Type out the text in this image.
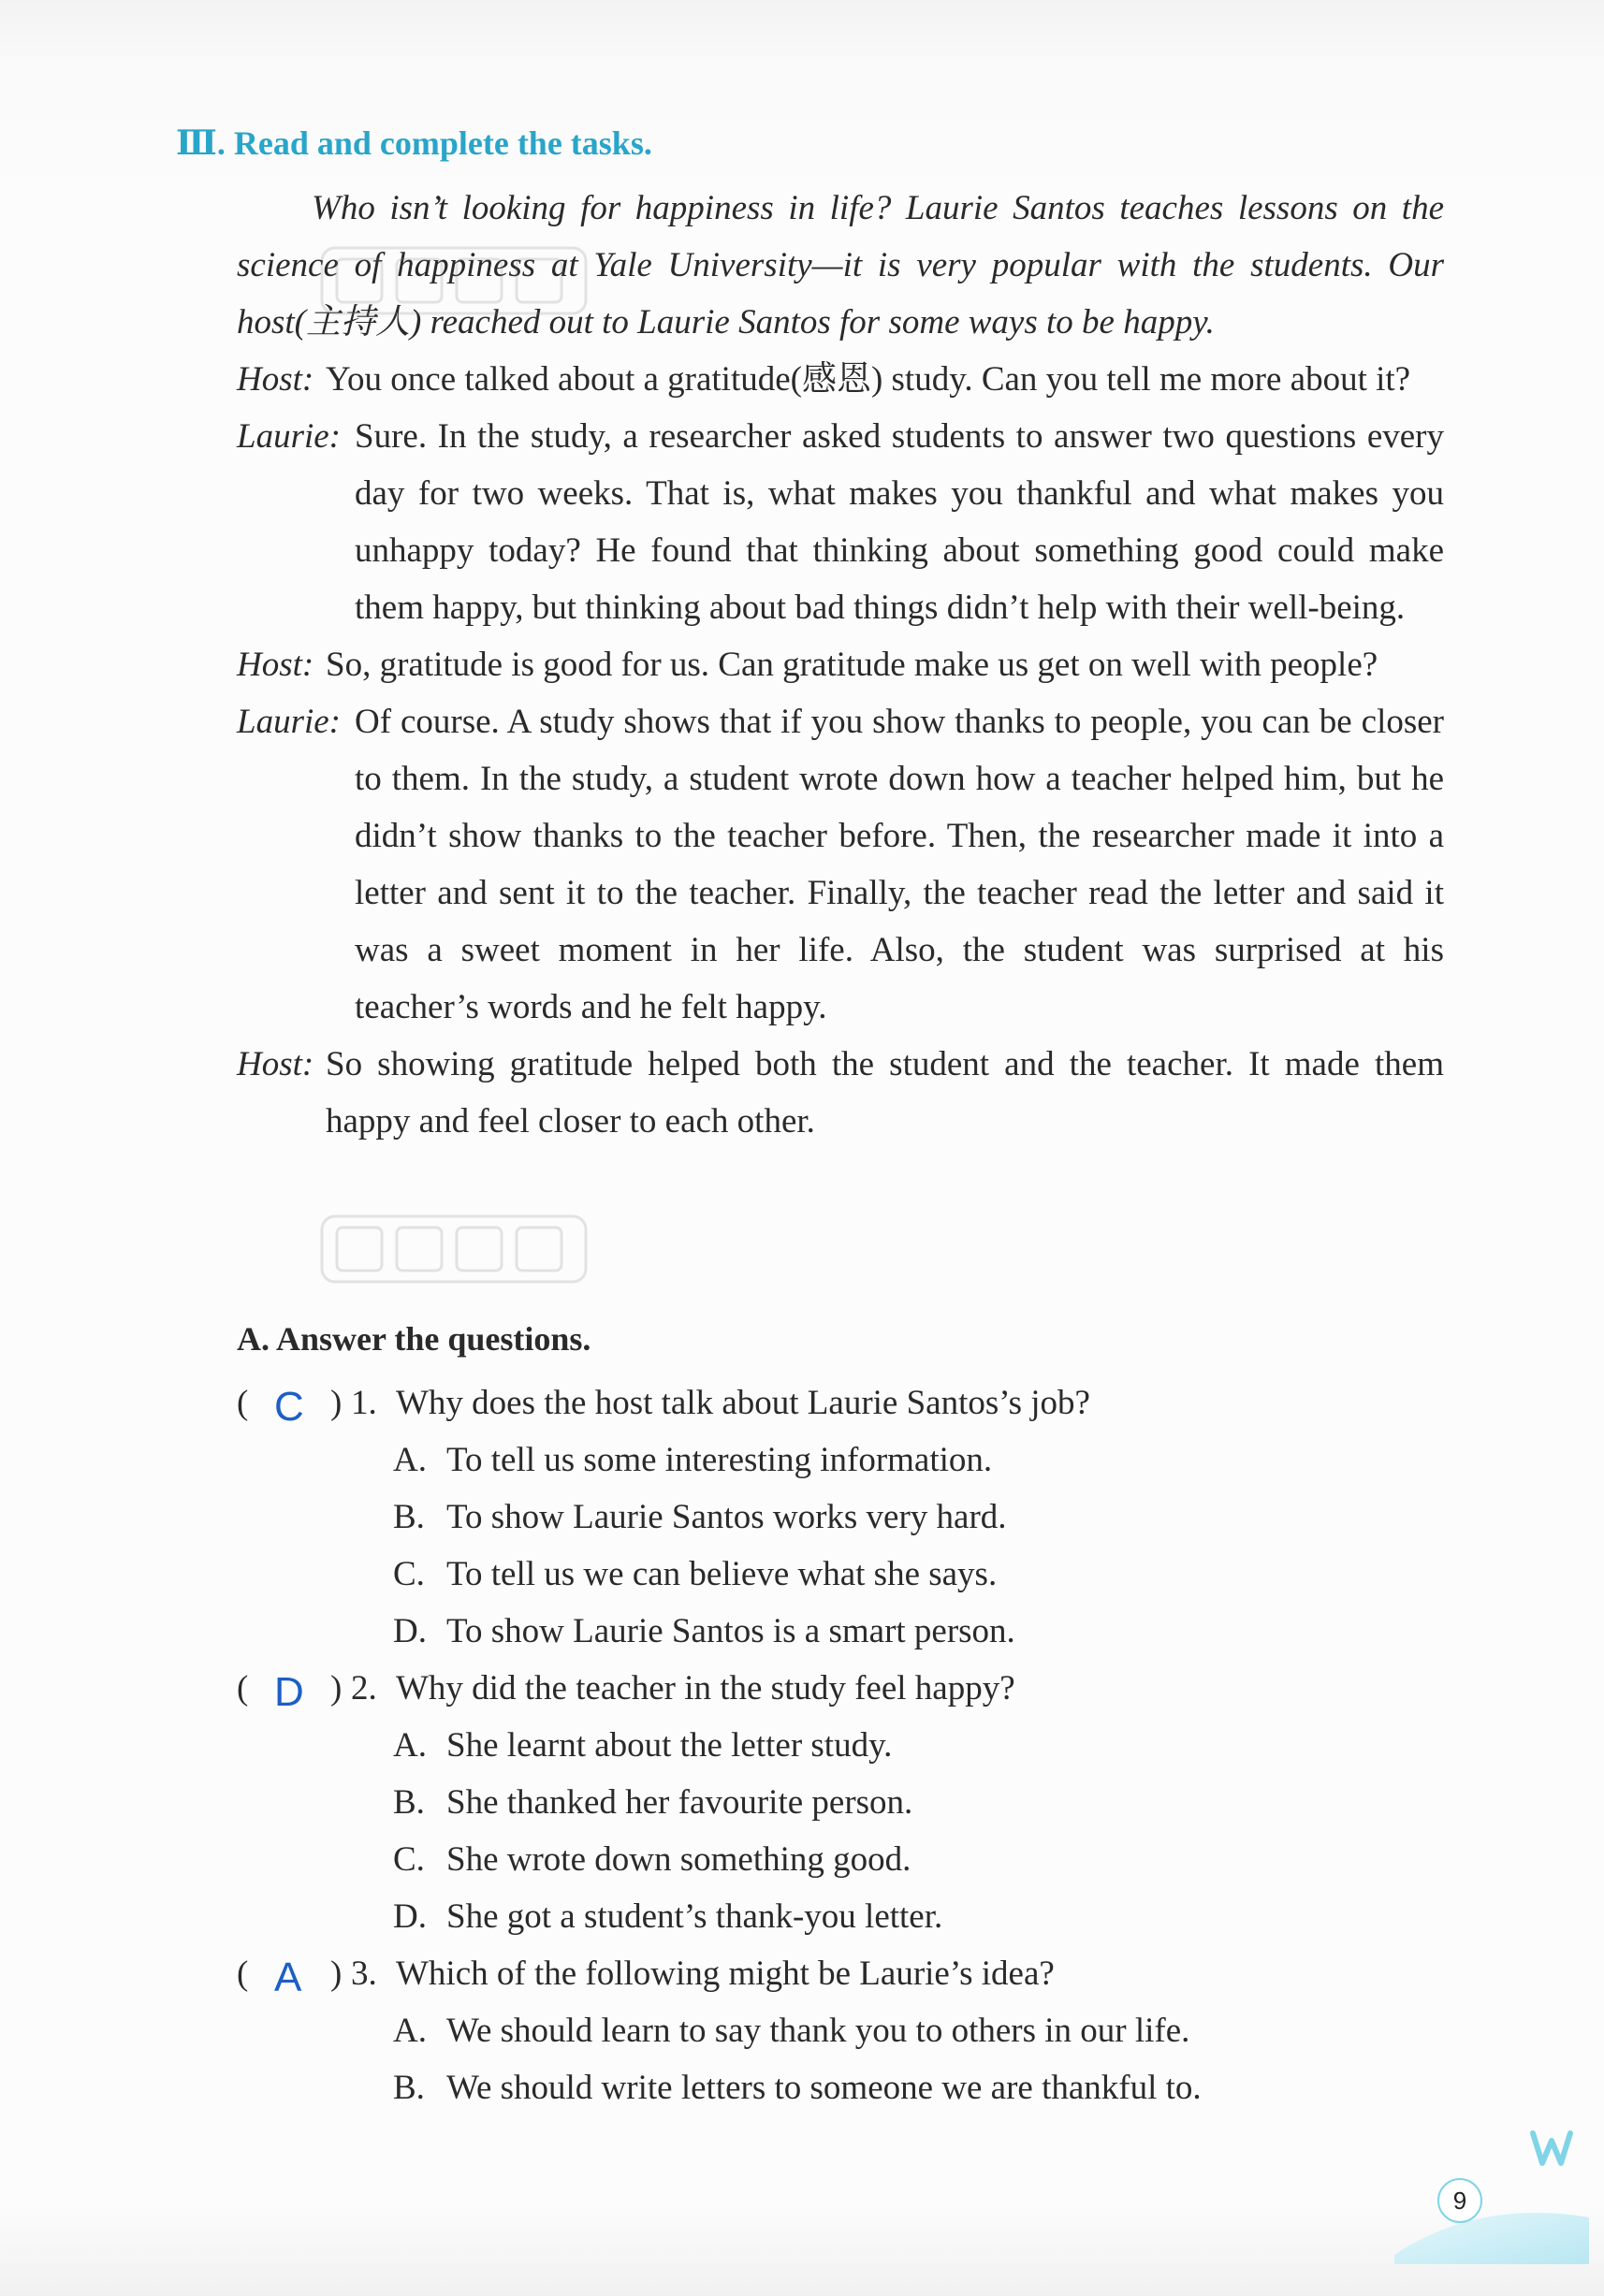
Ⅲ. Read and complete the tasks.

Who isn’t looking for happiness in life? Laurie Santos teaches lessons on the science of happiness at Yale University—it is very popular with the students. Our host(主持人) reached out to Laurie Santos for some ways to be happy.

Host: You once talked about a gratitude(感恩) study. Can you tell me more about it?

Laurie: Sure. In the study, a researcher asked students to answer two questions every day for two weeks. That is, what makes you thankful and what makes you unhappy today? He found that thinking about something good could make them happy, but thinking about bad things didn’t help with their well-being.

Host: So, gratitude is good for us. Can gratitude make us get on well with people?

Laurie: Of course. A study shows that if you show thanks to people, you can be closer to them. In the study, a student wrote down how a teacher helped him, but he didn’t show thanks to the teacher before. Then, the researcher made it into a letter and sent it to the teacher. Finally, the teacher read the letter and said it was a sweet moment in her life. Also, the student was surprised at his teacher’s words and he felt happy.

Host: So showing gratitude helped both the student and the teacher. It made them happy and feel closer to each other.

A. Answer the questions.
( C ) 1. Why does the host talk about Laurie Santos’s job?
A. To tell us some interesting information.
B. To show Laurie Santos works very hard.
C. To tell us we can believe what she says.
D. To show Laurie Santos is a smart person.
( D ) 2. Why did the teacher in the study feel happy?
A. She learnt about the letter study.
B. She thanked her favourite person.
C. She wrote down something good.
D. She got a student’s thank-you letter.
( A ) 3. Which of the following might be Laurie’s idea?
A. We should learn to say thank you to others in our life.
B. We should write letters to someone we are thankful to.
9
